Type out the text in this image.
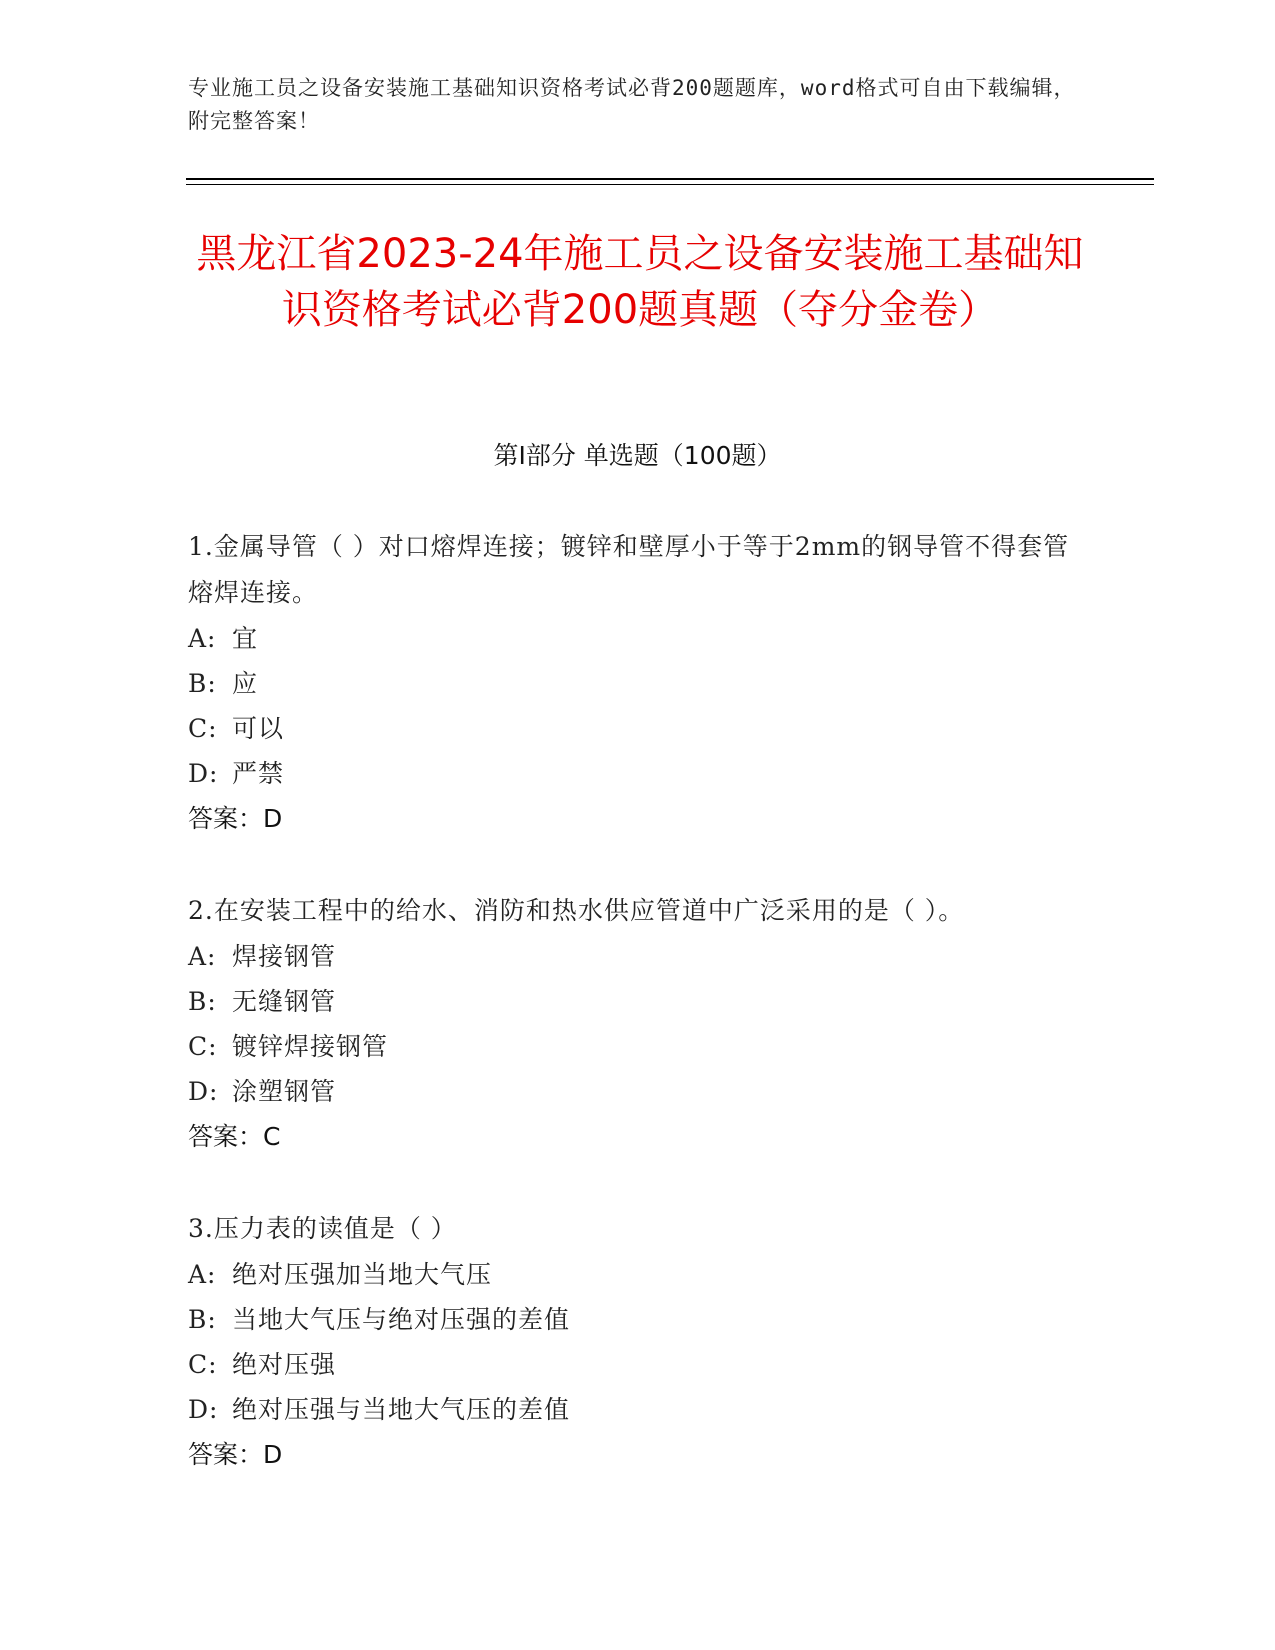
专业施工员之设备安装施工基础知识资格考试必背200题题库，word格式可自由下载编辑，附完整答案！
黑龙江省2023-24年施工员之设备安装施工基础知识资格考试必背200题真题（夺分金卷）
第Ⅰ部分 单选题（100题）
1.金属导管（ ）对口熔焊连接；镀锌和壁厚小于等于2mm的钢导管不得套管熔焊连接。
A: 宜
B: 应
C: 可以
D: 严禁
答案：D
2.在安装工程中的给水、消防和热水供应管道中广泛采用的是（ ）。
A: 焊接钢管
B: 无缝钢管
C: 镀锌焊接钢管
D: 涂塑钢管
答案：C
3.压力表的读值是（ ）
A: 绝对压强加当地大气压
B: 当地大气压与绝对压强的差值
C: 绝对压强
D: 绝对压强与当地大气压的差值
答案：D
